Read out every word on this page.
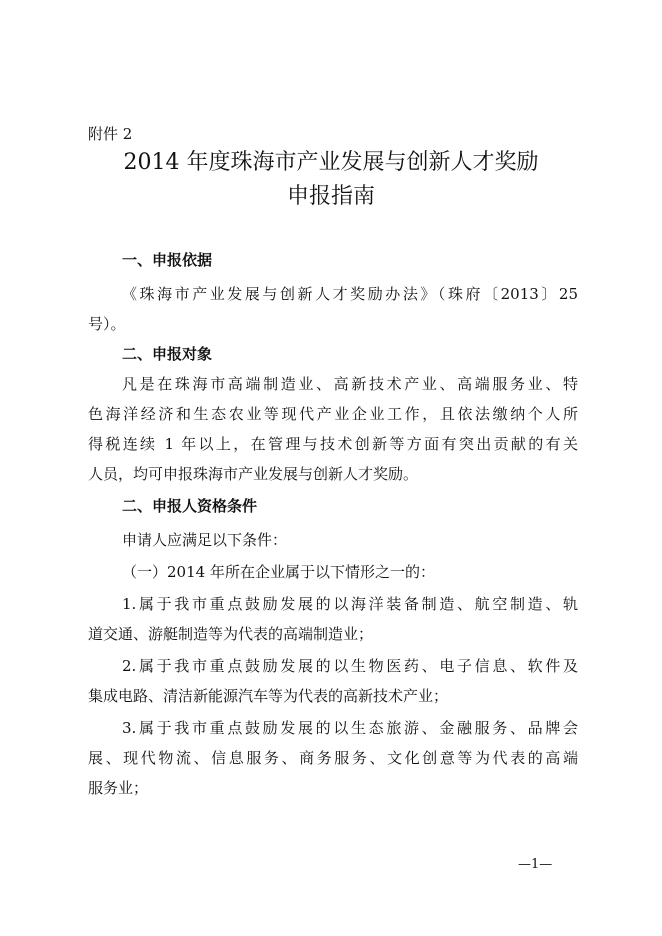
附件 2
2014 年度珠海市产业发展与创新人才奖励
申报指南
一、申报依据
《珠海市产业发展与创新人才奖励办法》（珠府〔2013〕25
号）。
二、申报对象
凡是在珠海市高端制造业、高新技术产业、高端服务业、特
色海洋经济和生态农业等现代产业企业工作，且依法缴纳个人所
得税连续 1 年以上，在管理与技术创新等方面有突出贡献的有关
人员，均可申报珠海市产业发展与创新人才奖励。
二、申报人资格条件
申请人应满足以下条件：
（一）2014 年所在企业属于以下情形之一的：
1.属于我市重点鼓励发展的以海洋装备制造、航空制造、轨
道交通、游艇制造等为代表的高端制造业；
2.属于我市重点鼓励发展的以生物医药、电子信息、软件及
集成电路、清洁新能源汽车等为代表的高新技术产业；
3.属于我市重点鼓励发展的以生态旅游、金融服务、品牌会
展、现代物流、信息服务、商务服务、文化创意等为代表的高端
服务业；
—1—
